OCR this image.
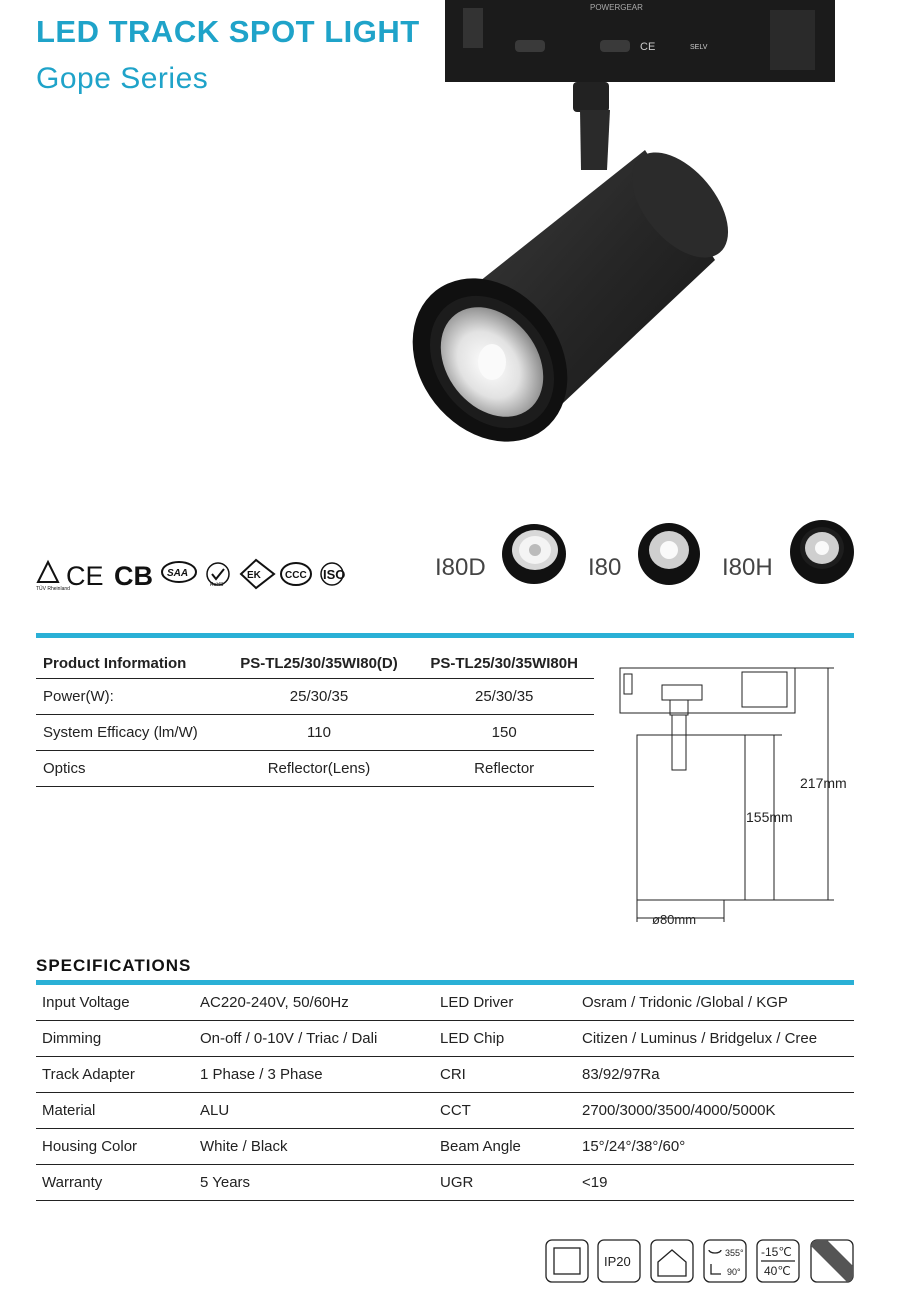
LED TRACK SPOT LIGHT
Gope Series
POWERGEAR
CE	SELV
TÜV Rheinland
CE CB SAA
RoHS
EK CCC ISO	I80D	I80	I80H
Product Information	PS-TL25/30/35WI80(D)	PS-TL25/30/35WI80H
Power(W):	25/30/35	25/30/35
System Efficacy (lm/W)	110	150
Optics	Reflector(Lens)	Reflector
217mm
155mm
ø80mm
SPECIFICATIONS
Input Voltage	AC220-240V, 50/60Hz	LED Driver	Osram / Tridonic /Global / KGP
Dimming	On-off / 0-10V / Triac / Dali	LED Chip	Citizen / Luminus / Bridgelux / Cree
Track Adapter	1 Phase / 3 Phase	CRI	83/92/97Ra
Material	ALU	CCT	2700/3000/3500/4000/5000K
Housing Color	White / Black	Beam Angle	15°/24°/38°/60°
Warranty	5 Years	UGR	<19
IP20
355°
90°
-15℃
40℃	Anti glare
